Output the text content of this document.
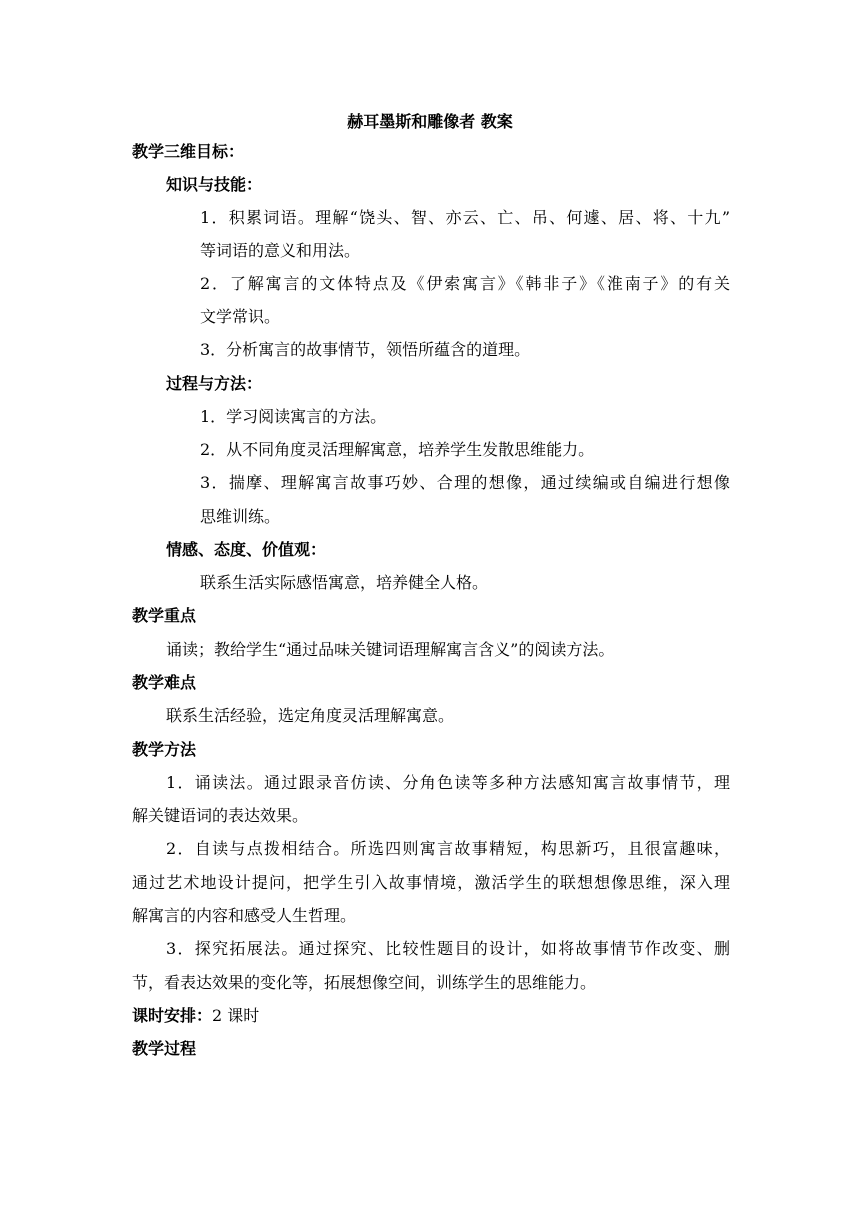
赫耳墨斯和雕像者 教案
教学三维目标：
知识与技能：
1．积累词语。理解“饶头、智、亦云、亡、吊、何遽、居、将、十九”
等词语的意义和用法。
2．了解寓言的文体特点及《伊索寓言》《韩非子》《淮南子》的有关
文学常识。
3．分析寓言的故事情节，领悟所蕴含的道理。
过程与方法：
1．学习阅读寓言的方法。
2．从不同角度灵活理解寓意，培养学生发散思维能力。
3．揣摩、理解寓言故事巧妙、合理的想像，通过续编或自编进行想像
思维训练。
情感、态度、价值观：
联系生活实际感悟寓意，培养健全人格。
教学重点
诵读；教给学生“通过品味关键词语理解寓言含义”的阅读方法。
教学难点
联系生活经验，选定角度灵活理解寓意。
教学方法
1．诵读法。通过跟录音仿读、分角色读等多种方法感知寓言故事情节，理
解关键语词的表达效果。
2．自读与点拨相结合。所选四则寓言故事精短，构思新巧，且很富趣味，
通过艺术地设计提问，把学生引入故事情境，激活学生的联想想像思维，深入理
解寓言的内容和感受人生哲理。
3．探究拓展法。通过探究、比较性题目的设计，如将故事情节作改变、删
节，看表达效果的变化等，拓展想像空间，训练学生的思维能力。
课时安排：2 课时
教学过程
